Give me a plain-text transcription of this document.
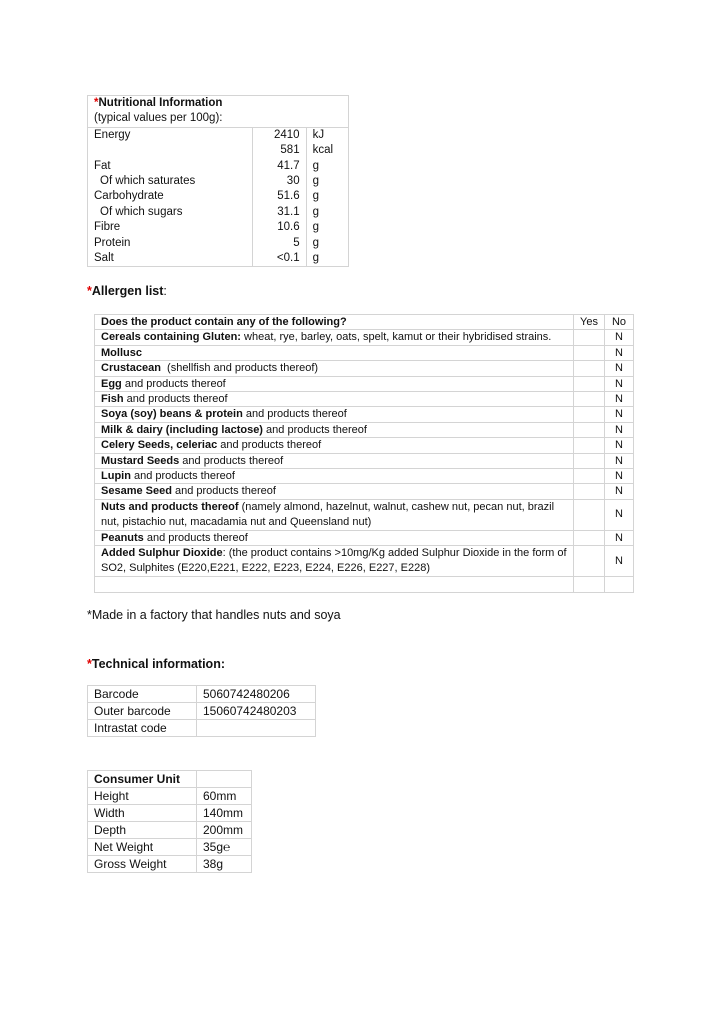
*Nutritional Information		
(typical values per 100g):		
Energy	2410	kJ
	581	kcal
Fat	41.7	g
Of which saturates	30	g
Carbohydrate	51.6	g
Of which sugars	31.1	g
Fibre	10.6	g
Protein	5	g
Salt	<0.1	g
*Allergen list:
Does the product contain any of the following?	Yes	No
Cereals containing Gluten: wheat, rye, barley, oats, spelt, kamut or their hybridised strains.		N
Mollusc		N
Crustacean  (shellfish and products thereof)		N
Egg and products thereof		N
Fish and products thereof		N
Soya (soy) beans & protein and products thereof		N
Milk & dairy (including lactose) and products thereof		N
Celery Seeds, celeriac and products thereof		N
Mustard Seeds and products thereof		N
Lupin and products thereof		N
Sesame Seed and products thereof		N
Nuts and products thereof (namely almond, hazelnut, walnut, cashew nut, pecan nut, brazil nut, pistachio nut, macadamia nut and Queensland nut)		N
Peanuts and products thereof		N
Added Sulphur Dioxide: (the product contains >10mg/Kg added Sulphur Dioxide in the form of SO2, Sulphites (E220,E221, E222, E223, E224, E226, E227, E228)		N

*Made in a factory that handles nuts and soya
*Technical information:
Barcode	5060742480206
Outer barcode	15060742480203
Intrastat code	
Consumer Unit	
Height	60mm
Width	140mm
Depth	200mm
Net Weight	35g℮
Gross Weight	38g
